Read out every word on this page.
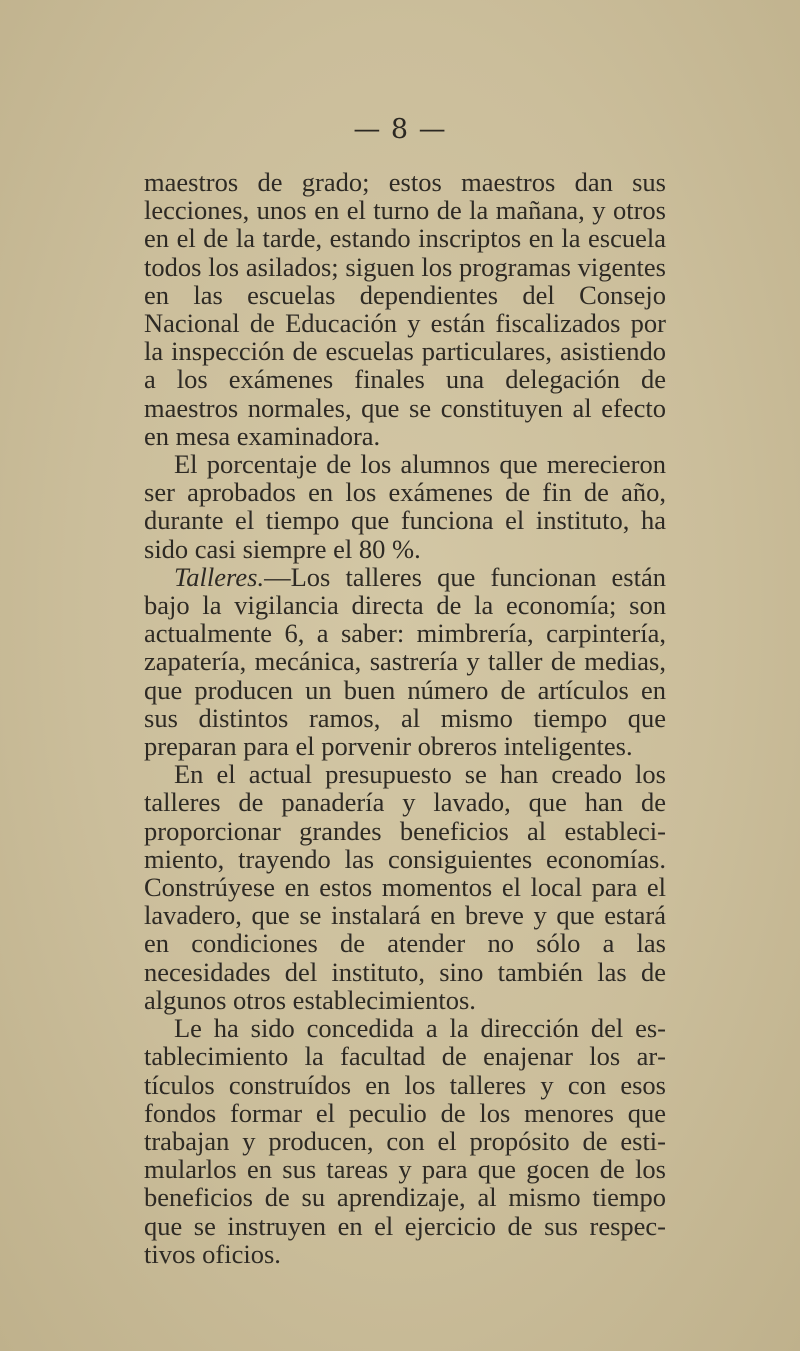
— 8 —

maestros de grado; estos maestros dan sus lecciones, unos en el turno de la mañana, y otros en el de la tarde, estando inscriptos en la escuela todos los asilados; siguen los programas vigentes en las escuelas dependientes del Consejo Nacional de Educación y están fiscalizados por la inspección de escuelas particulares, asistiendo a los exámenes finales una delegación de maestros normales, que se constituyen al efecto en mesa examinadora.

El porcentaje de los alumnos que merecieron ser aprobados en los exámenes de fin de año, durante el tiempo que funciona el instituto, ha sido casi siempre el 80 %.

Talleres.—Los talleres que funcionan están bajo la vigilancia directa de la economía; son actualmente 6, a saber: mimbrería, carpintería, zapatería, mecánica, sastrería y taller de medias, que producen un buen número de artículos en sus distintos ramos, al mismo tiempo que preparan para el porvenir obreros inteligentes.

En el actual presupuesto se han creado los talleres de panadería y lavado, que han de proporcionar grandes beneficios al establecimiento, trayendo las consiguientes economías. Constrúyese en estos momentos el local para el lavadero, que se instalará en breve y que estará en condiciones de atender no sólo a las necesidades del instituto, sino también las de algunos otros establecimientos.

Le ha sido concedida a la dirección del establecimiento la facultad de enajenar los artículos construídos en los talleres y con esos fondos formar el peculio de los menores que trabajan y producen, con el propósito de estimularlos en sus tareas y para que gocen de los beneficios de su aprendizaje, al mismo tiempo que se instruyen en el ejercicio de sus respectivos oficios.
